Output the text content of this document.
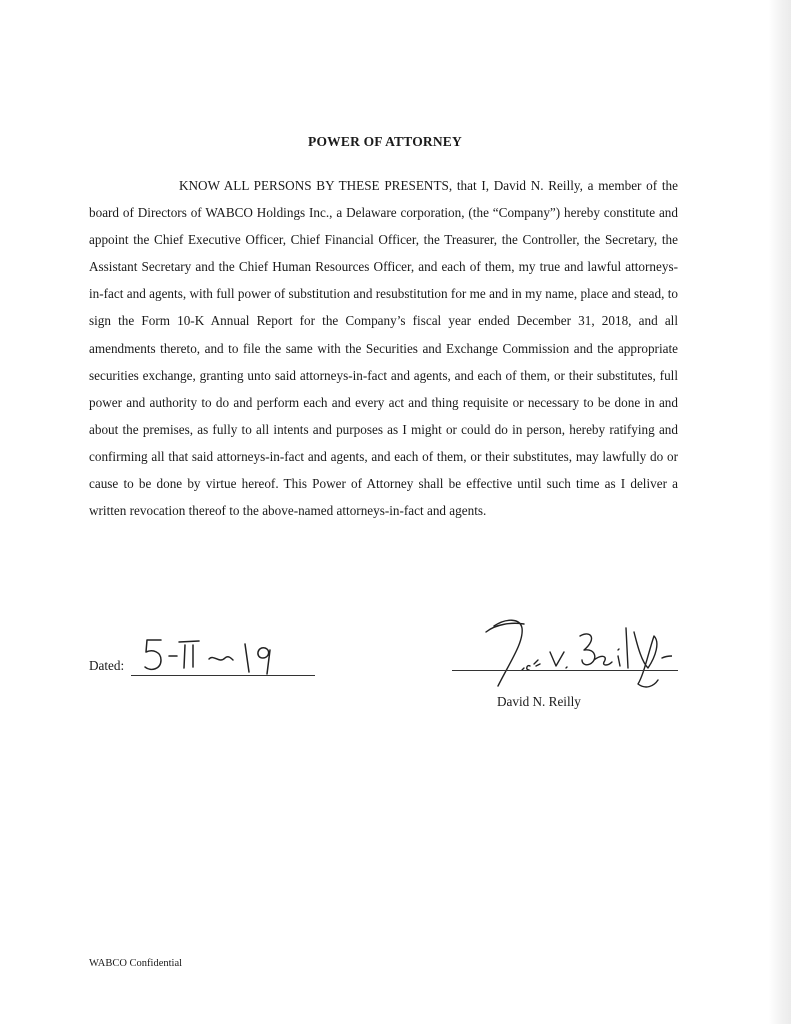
POWER OF ATTORNEY

KNOW ALL PERSONS BY THESE PRESENTS, that I, David N. Reilly, a member of the board of Directors of WABCO Holdings Inc., a Delaware corporation, (the “Company”) hereby constitute and appoint the Chief Executive Officer, Chief Financial Officer, the Treasurer, the Controller, the Secretary, the Assistant Secretary and the Chief Human Resources Officer, and each of them, my true and lawful attorneys-in-fact and agents, with full power of substitution and resubstitution for me and in my name, place and stead, to sign the Form 10-K Annual Report for the Company’s fiscal year ended December 31, 2018, and all amendments thereto, and to file the same with the Securities and Exchange Commission and the appropriate securities exchange, granting unto said attorneys-in-fact and agents, and each of them, or their substitutes, full power and authority to do and perform each and every act and thing requisite or necessary to be done in and about the premises, as fully to all intents and purposes as I might or could do in person, hereby ratifying and confirming all that said attorneys-in-fact and agents, and each of them, or their substitutes, may lawfully do or cause to be done by virtue hereof. This Power of Attorney shall be effective until such time as I deliver a written revocation thereof to the above-named attorneys-in-fact and agents.

Dated:
David N. Reilly
WABCO Confidential
